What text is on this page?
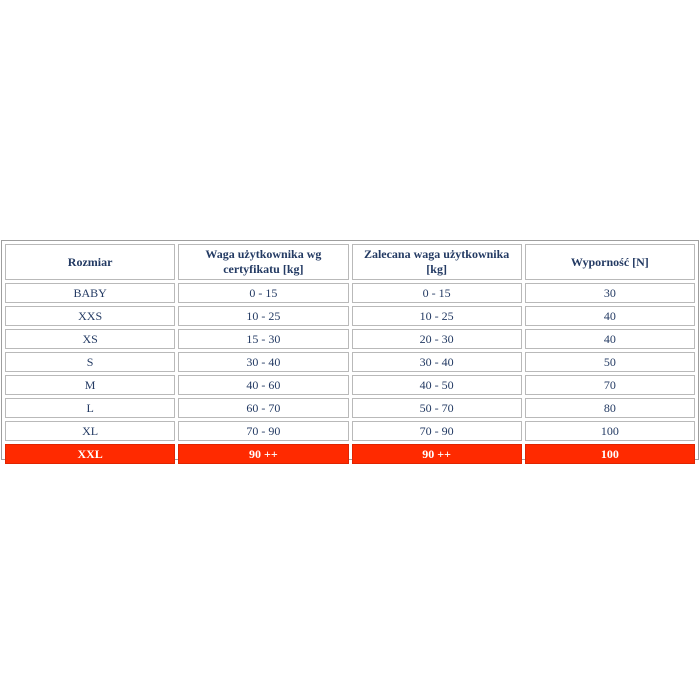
Rozmiar	Waga użytkownika wg certyfikatu [kg]	Zalecana waga użytkownika [kg]	Wyporność [N]
BABY	0 - 15	0 - 15	30
XXS	10 - 25	10 - 25	40
XS	15 - 30	20 - 30	40
S	30 - 40	30 - 40	50
M	40 - 60	40 - 50	70
L	60 - 70	50 - 70	80
XL	70 - 90	70 - 90	100
XXL	90 ++	90 ++	100
